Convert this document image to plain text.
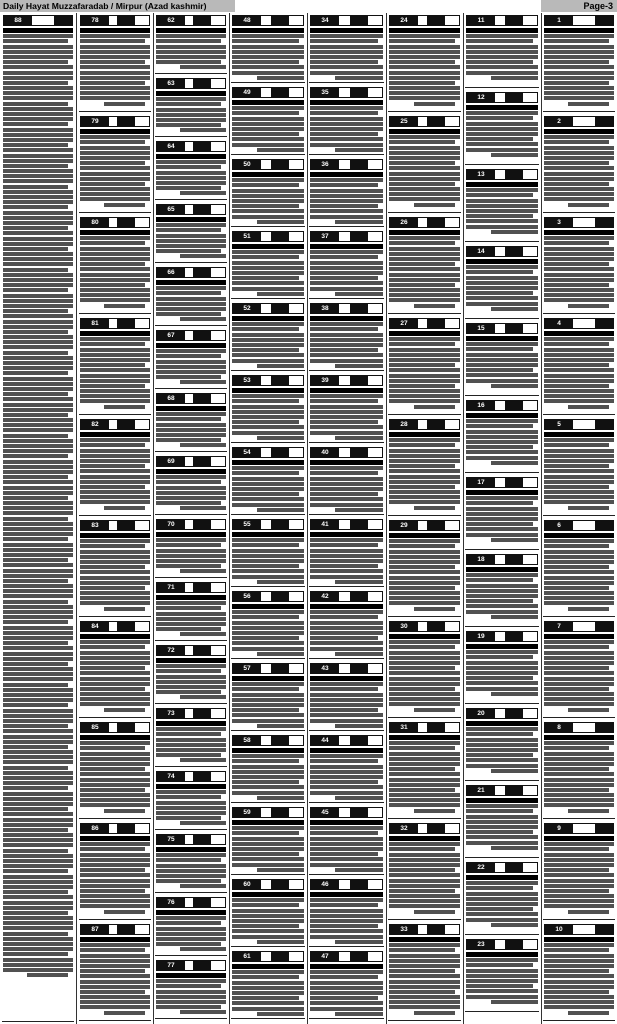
Daily Hayat Muzzafaradab / Mirpur (Azad kashmir)	Page-3
88	78
79
80
81
82
83
84
85
86
87
62
63
64
65
66
67
68
69
70
71
72
73
74
75
76
77
48
49
50
51
52
53
54
55
56
57
58
59
60
61
34
35
36
37
38
39
40
41
42
43
44
45
46
47
24
25
26
27
28
29
30
31
32
33
11
12
13
14
15
16
17
18
19
20
21
22
23
1
2
3
4
5
6
7
8
9
10
